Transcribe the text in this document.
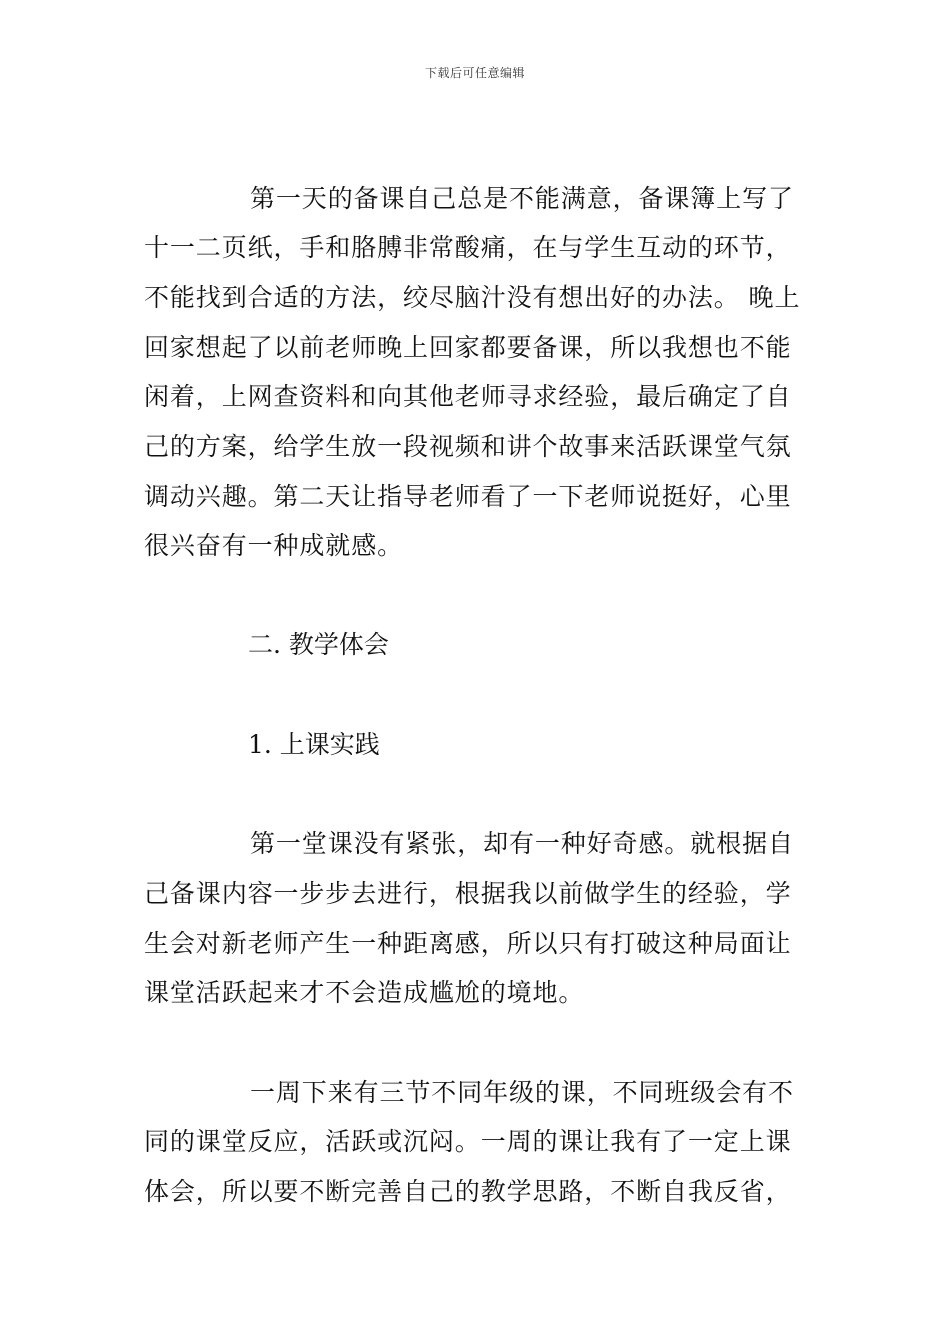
下载后可任意编辑
第一天的备课自己总是不能满意，备课簿上写了
十一二页纸，手和胳膊非常酸痛，在与学生互动的环节，
不能找到合适的方法，绞尽脑汁没有想出好的办法。 晚上
回家想起了以前老师晚上回家都要备课，所以我想也不能
闲着，上网查资料和向其他老师寻求经验，最后确定了自
己的方案，给学生放一段视频和讲个故事来活跃课堂气氛
调动兴趣。第二天让指导老师看了一下老师说挺好，心里
很兴奋有一种成就感。
二. 教学体会
1. 上课实践
第一堂课没有紧张，却有一种好奇感。就根据自
己备课内容一步步去进行，根据我以前做学生的经验，学
生会对新老师产生一种距离感，所以只有打破这种局面让
课堂活跃起来才不会造成尴尬的境地。
一周下来有三节不同年级的课，不同班级会有不
同的课堂反应，活跃或沉闷。一周的课让我有了一定上课
体会，所以要不断完善自己的教学思路，不断自我反省，
